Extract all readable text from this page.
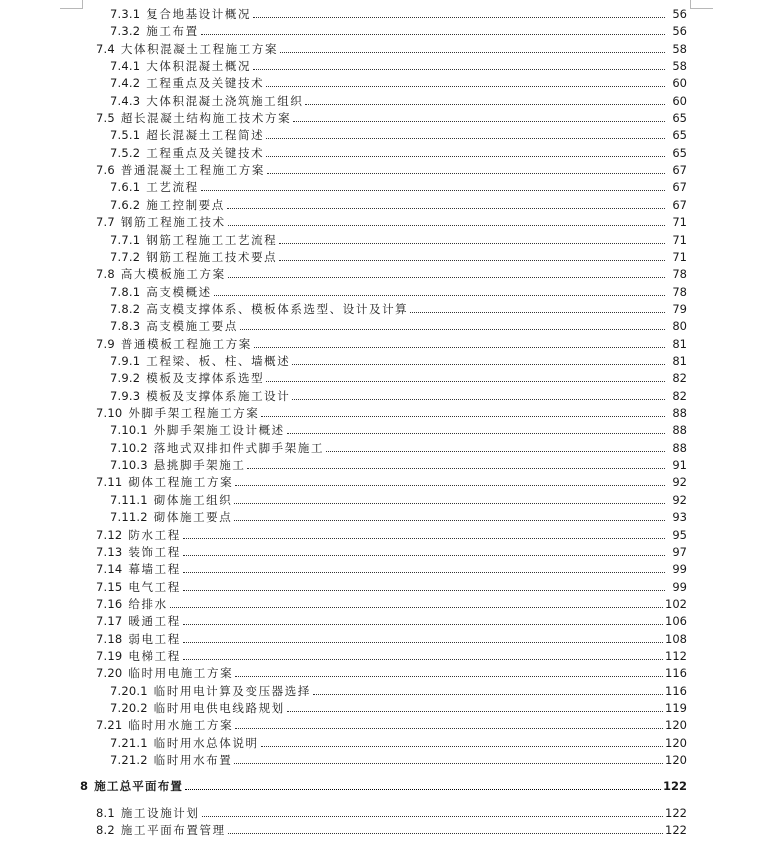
7.3.1 复合地基设计概况	56
7.3.2 施工布置	56
7.4 大体积混凝土工程施工方案	58
7.4.1 大体积混凝土概况	58
7.4.2 工程重点及关键技术	60
7.4.3 大体积混凝土浇筑施工组织	60
7.5 超长混凝土结构施工技术方案	65
7.5.1 超长混凝土工程简述	65
7.5.2 工程重点及关键技术	65
7.6 普通混凝土工程施工方案	67
7.6.1 工艺流程	67
7.6.2 施工控制要点	67
7.7 钢筋工程施工技术	71
7.7.1 钢筋工程施工工艺流程	71
7.7.2 钢筋工程施工技术要点	71
7.8 高大模板施工方案	78
7.8.1 高支模概述	78
7.8.2 高支模支撑体系、模板体系选型、设计及计算	79
7.8.3 高支模施工要点	80
7.9 普通模板工程施工方案	81
7.9.1 工程梁、板、柱、墙概述	81
7.9.2 模板及支撑体系选型	82
7.9.3 模板及支撑体系施工设计	82
7.10 外脚手架工程施工方案	88
7.10.1 外脚手架施工设计概述	88
7.10.2 落地式双排扣件式脚手架施工	88
7.10.3 悬挑脚手架施工	91
7.11 砌体工程施工方案	92
7.11.1 砌体施工组织	92
7.11.2 砌体施工要点	93
7.12 防水工程	95
7.13 装饰工程	97
7.14 幕墙工程	99
7.15 电气工程	99
7.16 给排水	102
7.17 暖通工程	106
7.18 弱电工程	108
7.19 电梯工程	112
7.20 临时用电施工方案	116
7.20.1 临时用电计算及变压器选择	116
7.20.2 临时用电供电线路规划	119
7.21 临时用水施工方案	120
7.21.1 临时用水总体说明	120
7.21.2 临时用水布置	120
8 施工总平面布置	122
8.1 施工设施计划	122
8.2 施工平面布置管理	122
